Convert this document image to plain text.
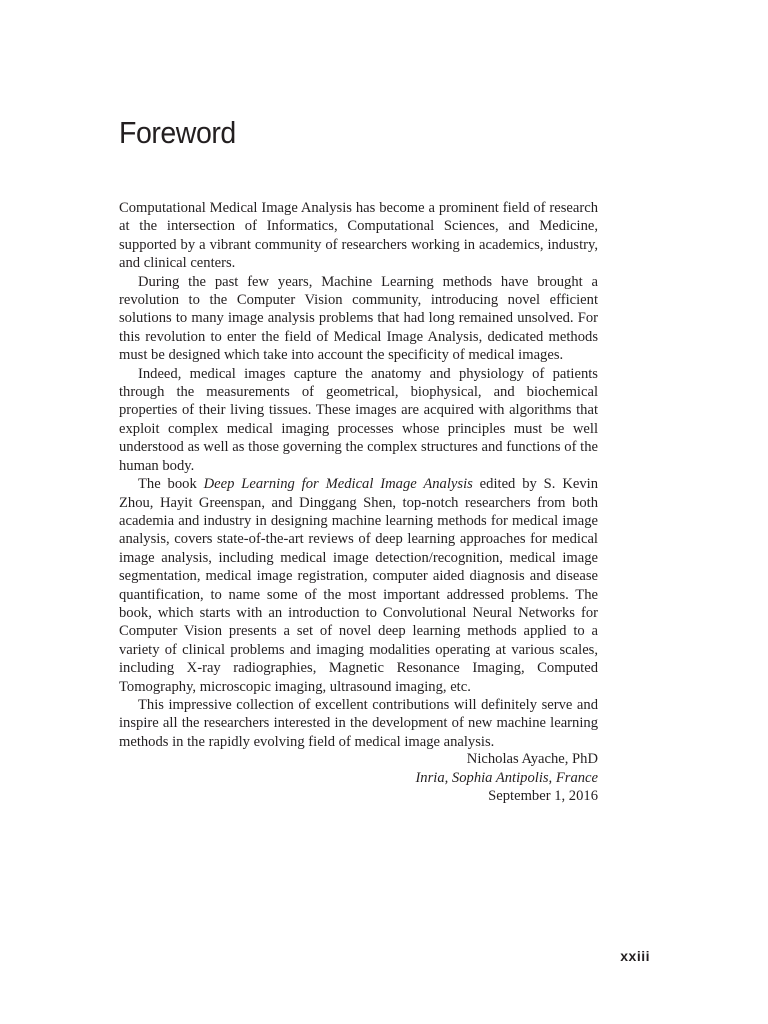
Foreword

Computational Medical Image Analysis has become a prominent field of research at the intersection of Informatics, Computational Sciences, and Medicine, supported by a vibrant community of researchers working in academics, industry, and clinical centers.

During the past few years, Machine Learning methods have brought a revolution to the Computer Vision community, introducing novel efficient solutions to many image analysis problems that had long remained unsolved. For this revolution to enter the field of Medical Image Analysis, dedicated methods must be designed which take into account the specificity of medical images.

Indeed, medical images capture the anatomy and physiology of patients through the measurements of geometrical, biophysical, and biochemical properties of their living tissues. These images are acquired with algorithms that exploit complex medical imaging processes whose principles must be well understood as well as those governing the complex structures and functions of the human body.

The book Deep Learning for Medical Image Analysis edited by S. Kevin Zhou, Hayit Greenspan, and Dinggang Shen, top-notch researchers from both academia and industry in designing machine learning methods for medical image analysis, covers state-of-the-art reviews of deep learning approaches for medical image analysis, including medical image detection/recognition, medical image segmentation, medical image registration, computer aided diagnosis and disease quantification, to name some of the most important addressed problems. The book, which starts with an introduction to Convolutional Neural Networks for Computer Vision presents a set of novel deep learning methods applied to a variety of clinical problems and imaging modalities operating at various scales, including X-ray radiographies, Magnetic Resonance Imaging, Computed Tomography, microscopic imaging, ultrasound imaging, etc.

This impressive collection of excellent contributions will definitely serve and inspire all the researchers interested in the development of new machine learning methods in the rapidly evolving field of medical image analysis.

Nicholas Ayache, PhD
Inria, Sophia Antipolis, France
September 1, 2016
xxiii
